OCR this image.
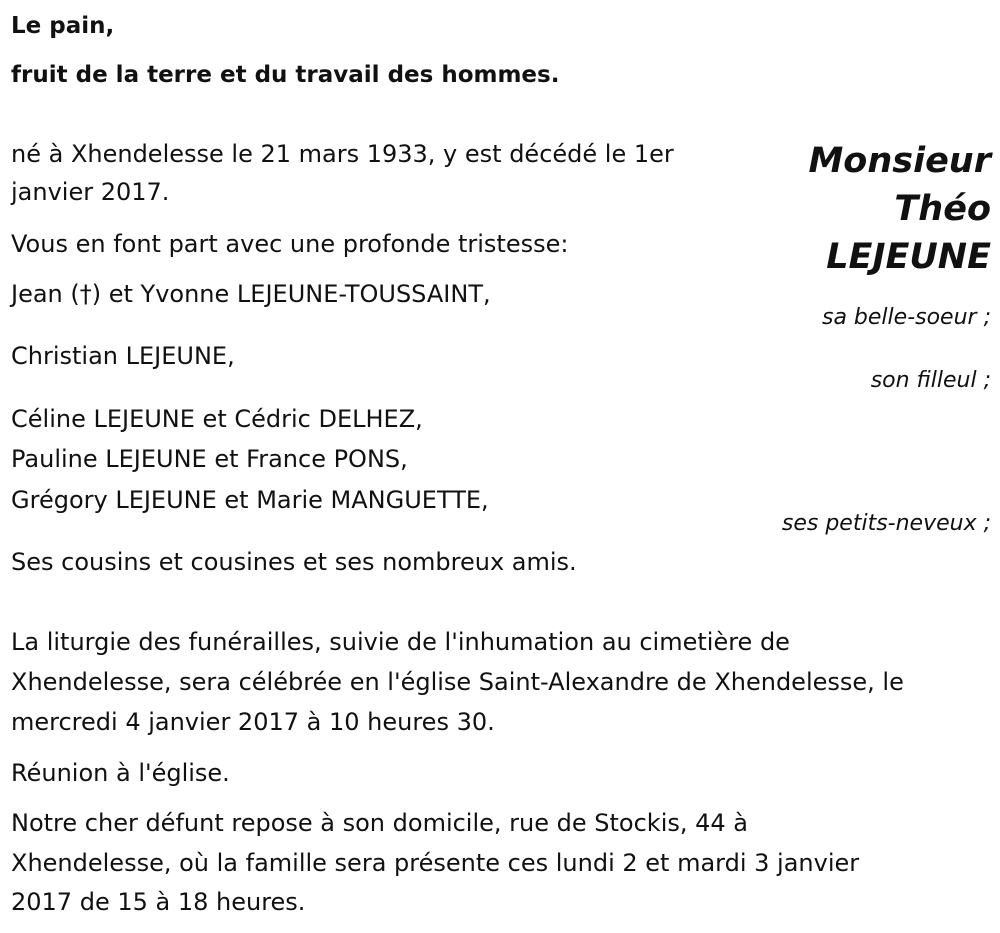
Le pain,
fruit de la terre et du travail des hommes.
Monsieur
Théo
LEJEUNE
né à Xhendelesse le 21 mars 1933, y est décédé le 1er
janvier 2017.
Vous en font part avec une profonde tristesse:
Jean (†) et Yvonne LEJEUNE-TOUSSAINT,
sa belle-soeur ;
Christian LEJEUNE,
son filleul ;
Céline LEJEUNE et Cédric DELHEZ,
Pauline LEJEUNE et France PONS,
Grégory LEJEUNE et Marie MANGUETTE,
ses petits-neveux ;
Ses cousins et cousines et ses nombreux amis.
La liturgie des funérailles, suivie de l'inhumation au cimetière de
Xhendelesse, sera célébrée en l'église Saint-Alexandre de Xhendelesse, le
mercredi 4 janvier 2017 à 10 heures 30.
Réunion à l'église.
Notre cher défunt repose à son domicile, rue de Stockis, 44 à
Xhendelesse, où la famille sera présente ces lundi 2 et mardi 3 janvier
2017 de 15 à 18 heures.
